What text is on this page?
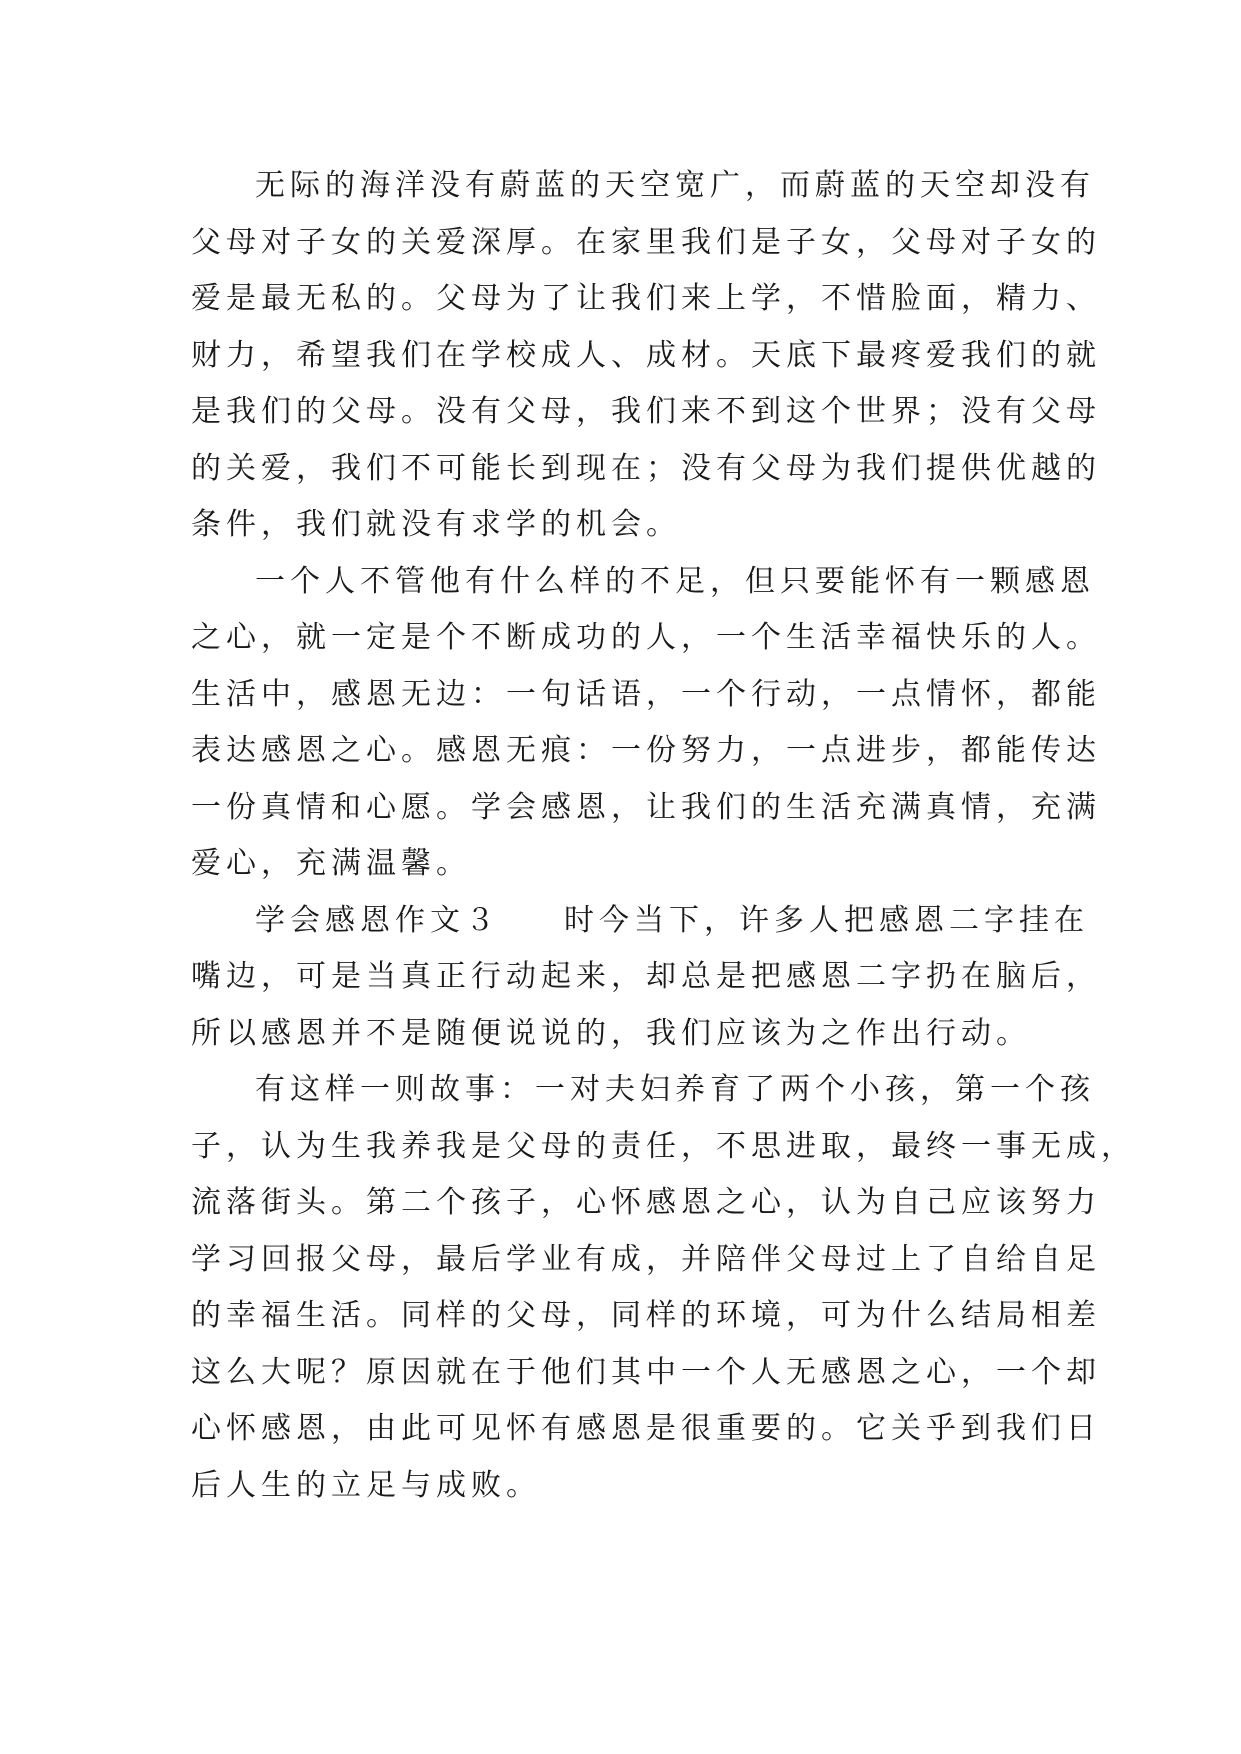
无际的海洋没有蔚蓝的天空宽广，而蔚蓝的天空却没有
父母对子女的关爱深厚。在家里我们是子女，父母对子女的
爱是最无私的。父母为了让我们来上学，不惜脸面，精力、
财力，希望我们在学校成人、成材。天底下最疼爱我们的就
是我们的父母。没有父母，我们来不到这个世界；没有父母
的关爱，我们不可能长到现在；没有父母为我们提供优越的
条件，我们就没有求学的机会。
一个人不管他有什么样的不足，但只要能怀有一颗感恩
之心，就一定是个不断成功的人，一个生活幸福快乐的人。
生活中，感恩无边：一句话语，一个行动，一点情怀，都能
表达感恩之心。感恩无痕：一份努力，一点进步，都能传达
一份真情和心愿。学会感恩，让我们的生活充满真情，充满
爱心，充满温馨。
学会感恩作文３ 时今当下，许多人把感恩二字挂在
嘴边，可是当真正行动起来，却总是把感恩二字扔在脑后，
所以感恩并不是随便说说的，我们应该为之作出行动。
有这样一则故事：一对夫妇养育了两个小孩，第一个孩
子，认为生我养我是父母的责任，不思进取，最终一事无成，
流落街头。第二个孩子，心怀感恩之心，认为自己应该努力
学习回报父母，最后学业有成，并陪伴父母过上了自给自足
的幸福生活。同样的父母，同样的环境，可为什么结局相差
这么大呢？原因就在于他们其中一个人无感恩之心，一个却
心怀感恩，由此可见怀有感恩是很重要的。它关乎到我们日
后人生的立足与成败。
